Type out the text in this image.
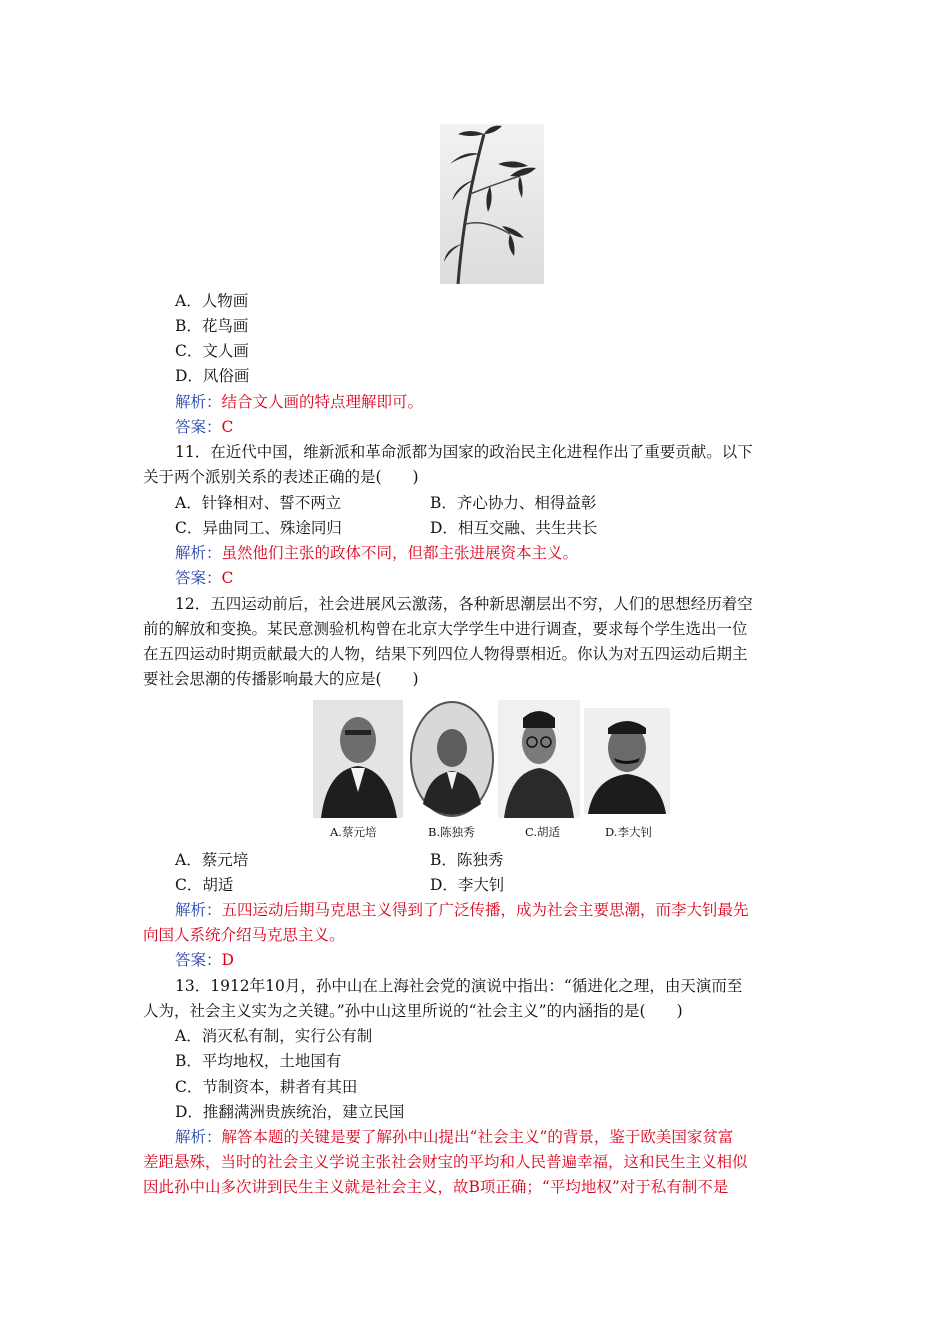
A．人物画
B．花鸟画
C．文人画
D．风俗画
解析：结合文人画的特点理解即可。
答案：C
11．在近代中国，维新派和革命派都为国家的政治民主化进程作出了重要贡献。以下
关于两个派别关系的表述正确的是(　　)
A．针锋相对、誓不两立	B．齐心协力、相得益彰
C．异曲同工、殊途同归	D．相互交融、共生共长
解析：虽然他们主张的政体不同，但都主张进展资本主义。
答案：C
12．五四运动前后，社会进展风云激荡，各种新思潮层出不穷，人们的思想经历着空
前的解放和变换。某民意测验机构曾在北京大学学生中进行调查，要求每个学生选出一位
在五四运动时期贡献最大的人物，结果下列四位人物得票相近。你认为对五四运动后期主
要社会思潮的传播影响最大的应是(　　)
A.蔡元培	B.陈独秀	C.胡适	D.李大钊
A．蔡元培	B．陈独秀
C．胡适	D．李大钊
解析：五四运动后期马克思主义得到了广泛传播，成为社会主要思潮，而李大钊最先
向国人系统介绍马克思主义。
答案：D
13．1912年10月，孙中山在上海社会党的演说中指出：“循进化之理，由天演而至
人为，社会主义实为之关键。”孙中山这里所说的“社会主义”的内涵指的是(　　)
A．消灭私有制，实行公有制
B．平均地权，土地国有
C．节制资本，耕者有其田
D．推翻满洲贵族统治，建立民国
解析：解答本题的关键是要了解孙中山提出“社会主义”的背景，鉴于欧美国家贫富
差距悬殊，当时的社会主义学说主张社会财宝的平均和人民普遍幸福，这和民生主义相似
因此孙中山多次讲到民生主义就是社会主义，故B项正确；“平均地权”对于私有制不是
